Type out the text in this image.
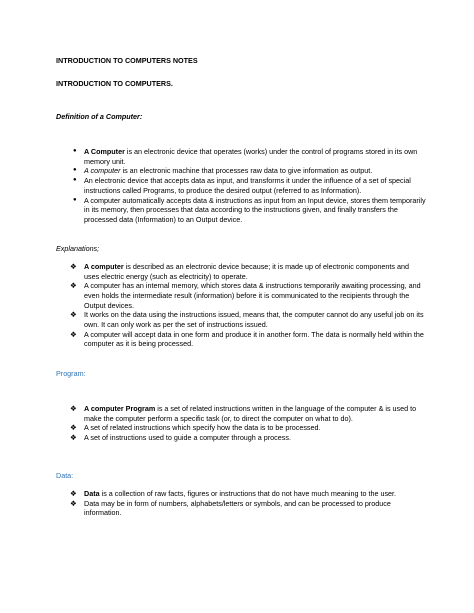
INTRODUCTION TO COMPUTERS NOTES

INTRODUCTION TO COMPUTERS.

Definition of a Computer:

● A Computer is an electronic device that operates (works) under the control of programs stored in its own memory unit.
● A computer is an electronic machine that processes raw data to give information as output.
● An electronic device that accepts data as input, and transforms it under the influence of a set of special instructions called Programs, to produce the desired output (referred to as Information).
● A computer automatically accepts data & instructions as input from an Input device, stores them temporarily in its memory, then processes that data according to the instructions given, and finally transfers the processed data (Information) to an Output device.

Explanations;

❖ A computer is described as an electronic device because; it is made up of electronic components and uses electric energy (such as electricity) to operate.
❖ A computer has an internal memory, which stores data & instructions temporarily awaiting processing, and even holds the intermediate result (information) before it is communicated to the recipients through the Output devices.
❖ It works on the data using the instructions issued, means that, the computer cannot do any useful job on its own. It can only work as per the set of instructions issued.
❖ A computer will accept data in one form and produce it in another form. The data is normally held within the computer as it is being processed.

Program:

❖ A computer Program is a set of related instructions written in the language of the computer & is used to make the computer perform a specific task (or, to direct the computer on what to do).
❖ A set of related instructions which specify how the data is to be processed.
❖ A set of instructions used to guide a computer through a process.

Data:

❖ Data is a collection of raw facts, figures or instructions that do not have much meaning to the user.
❖ Data may be in form of numbers, alphabets/letters or symbols, and can be processed to produce information.
